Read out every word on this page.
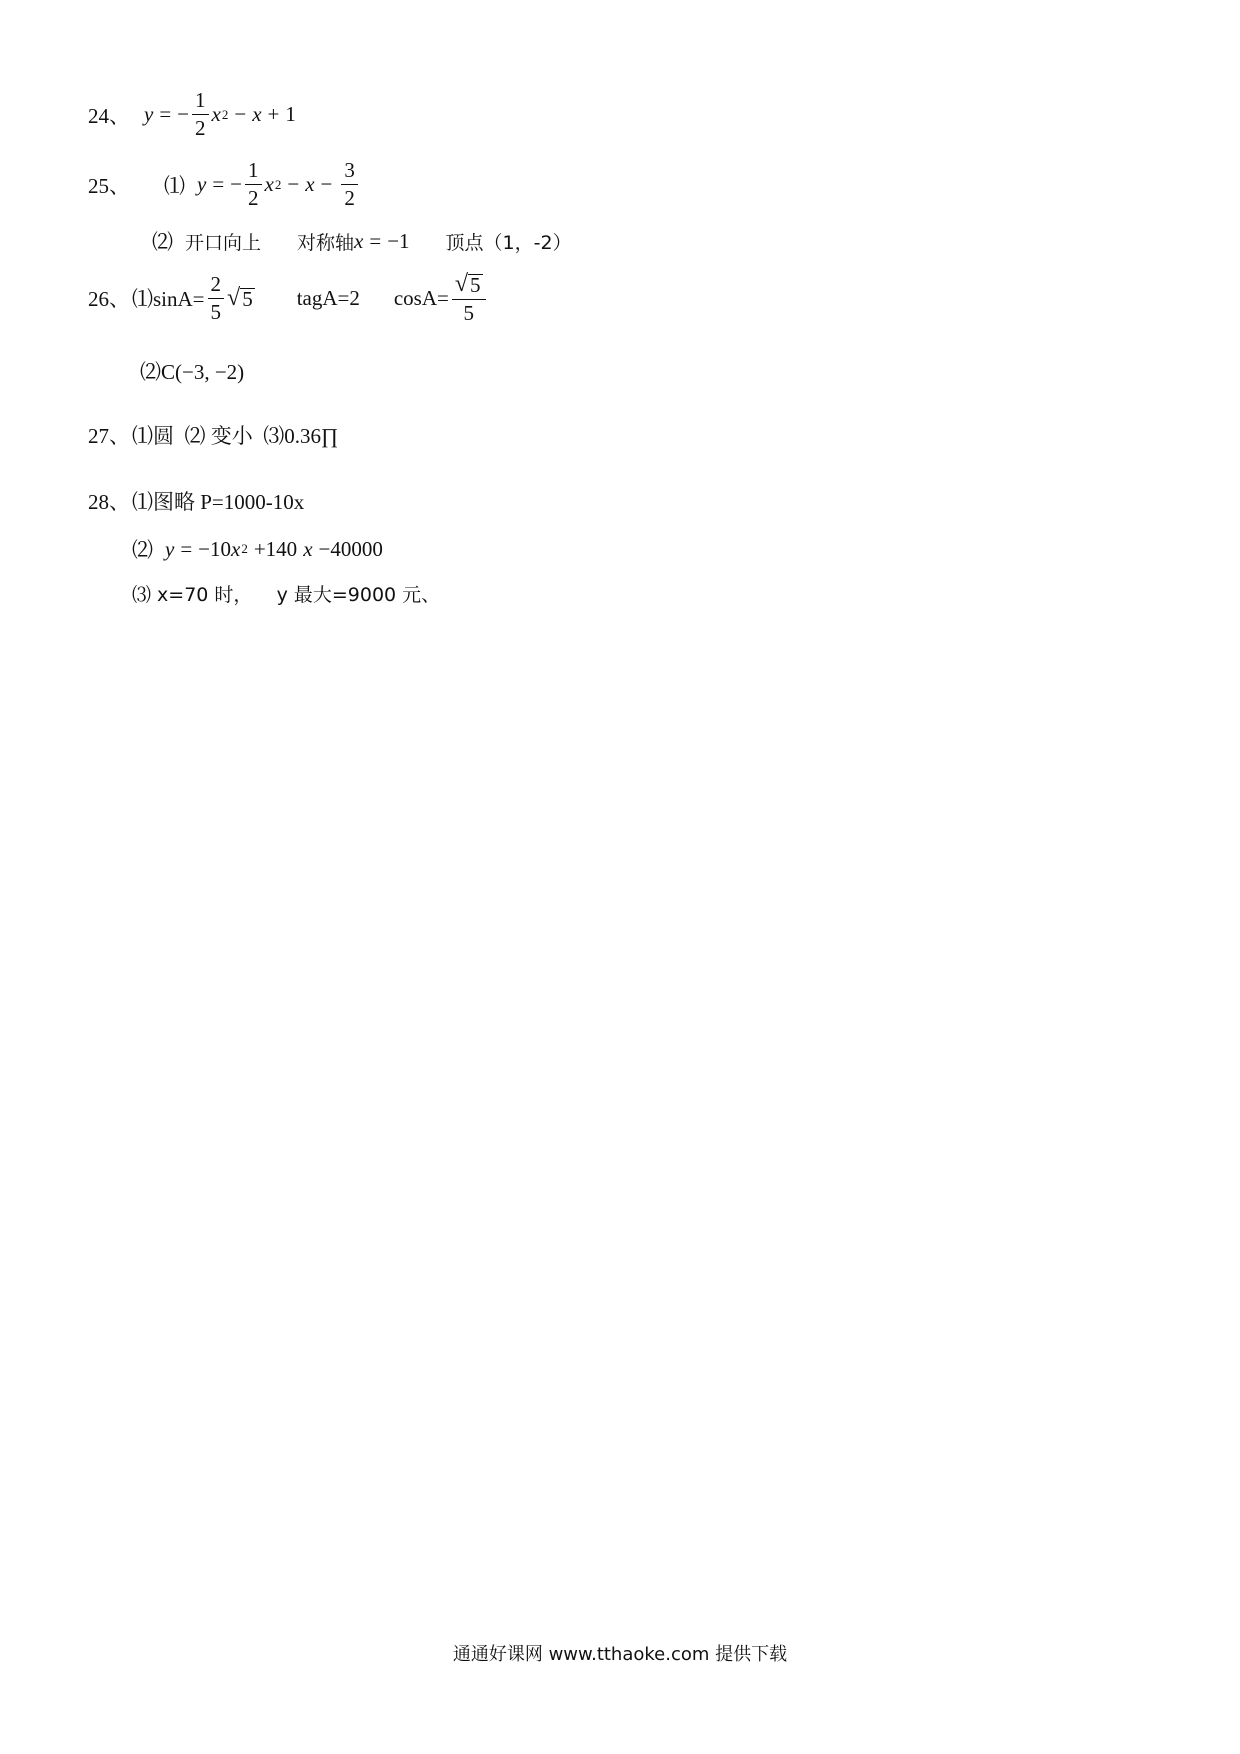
24、 y = − $\frac{1}{2}$ x 2 − x + 1
25、 ⑴ y = − $\frac{1}{2}$ x $2 - x - \frac{3}{2}$
⑵ 开口向上 对称轴 x = −1 顶点（1，-2）
26、 ⑴sinA= $\frac{2}{5}$ √ 5 tagA=2 $\cos A= \frac{√ 5}{5}$
⑵C(−3, −2)
27、 ⑴圆  ⑵ 变小  ⑶0.36∏
28、 ⑴图略 P=1000-10x
⑵ y = −10 x 2 +140 x −40000
⑶ x=70 时，    y 最大=9000 元、
通通好课网 www.tthaoke.com 提供下载
